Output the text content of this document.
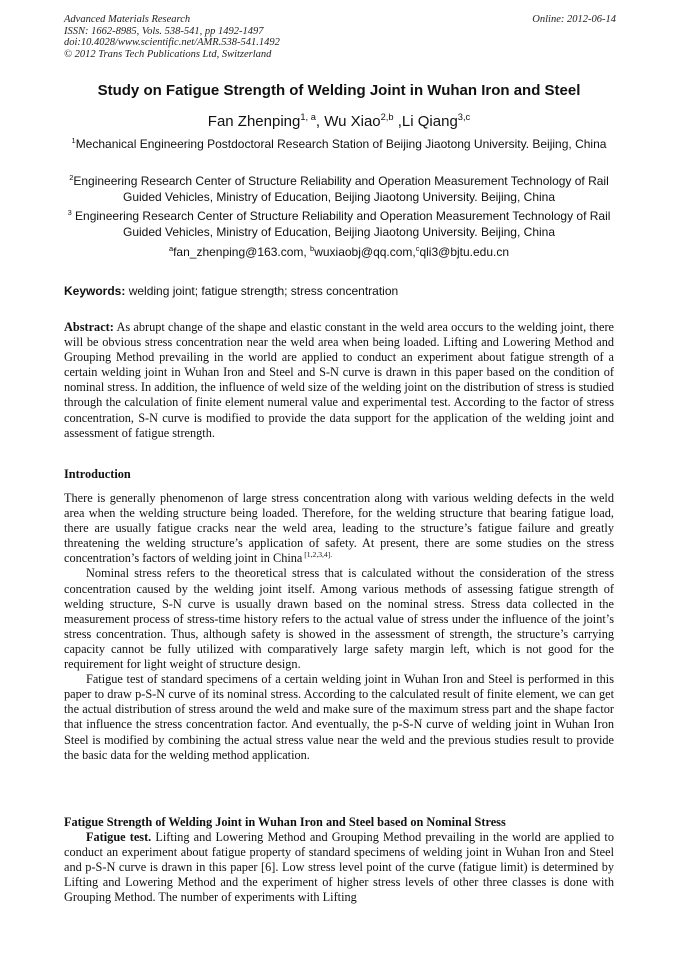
Advanced Materials Research
ISSN: 1662-8985, Vols. 538-541, pp 1492-1497
doi:10.4028/www.scientific.net/AMR.538-541.1492
© 2012 Trans Tech Publications Ltd, Switzerland
Online: 2012-06-14
Study on Fatigue Strength of Welding Joint in Wuhan Iron and Steel
Fan Zhenping$^{1, a}$, Wu Xiao$^{2,b}$ ,Li Qiang$^{3,c}$
$^1$Mechanical Engineering Postdoctoral Research Station of Beijing Jiaotong University. Beijing, China
$^2$Engineering Research Center of Structure Reliability and Operation Measurement Technology of Rail Guided Vehicles, Ministry of Education, Beijing Jiaotong University. Beijing, China
$^3$ Engineering Research Center of Structure Reliability and Operation Measurement Technology of Rail Guided Vehicles, Ministry of Education, Beijing Jiaotong University. Beijing, China
$^a$fan_zhenping@163.com, $^b$wuxiaobj@qq.com,$^c$qli3@bjtu.edu.cn
Keywords: welding joint; fatigue strength; stress concentration
Abstract: As abrupt change of the shape and elastic constant in the weld area occurs to the welding joint, there will be obvious stress concentration near the weld area when being loaded. Lifting and Lowering Method and Grouping Method prevailing in the world are applied to conduct an experiment about fatigue strength of a certain welding joint in Wuhan Iron and Steel and S-N curve is drawn in this paper based on the condition of nominal stress. In addition, the influence of weld size of the welding joint on the distribution of stress is studied through the calculation of finite element numeral value and experimental test. According to the factor of stress concentration, S-N curve is modified to provide the data support for the application of the welding joint and assessment of fatigue strength.
Introduction

There is generally phenomenon of large stress concentration along with various welding defects in the weld area when the welding structure being loaded. Therefore, for the welding structure that bearing fatigue load, there are usually fatigue cracks near the weld area, leading to the structure’s fatigue failure and greatly threatening the welding structure’s application of safety. At present, there are some studies on the stress concentration’s factors of welding joint in China $^{[1,2,3,4].}$

Nominal stress refers to the theoretical stress that is calculated without the consideration of the stress concentration caused by the welding joint itself. Among various methods of assessing fatigue strength of welding structure, S-N curve is usually drawn based on the nominal stress. Stress data collected in the measurement process of stress-time history refers to the actual value of stress under the influence of the joint’s stress concentration. Thus, although safety is showed in the assessment of strength, the structure’s carrying capacity cannot be fully utilized with comparatively large safety margin left, which is not good for the requirement for light weight of structure design.

Fatigue test of standard specimens of a certain welding joint in Wuhan Iron and Steel is performed in this paper to draw p-S-N curve of its nominal stress. According to the calculated result of finite element, we can get the actual distribution of stress around the weld and make sure of the maximum stress part and the shape factor that influence the stress concentration factor. And eventually, the p-S-N curve of welding joint in Wuhan Iron Steel is modified by combining the actual stress value near the weld and the previous studies result to provide the basic data for the welding method application.

Fatigue Strength of Welding Joint in Wuhan Iron and Steel based on Nominal Stress

Fatigue test. Lifting and Lowering Method and Grouping Method prevailing in the world are applied to conduct an experiment about fatigue property of standard specimens of welding joint in Wuhan Iron and Steel and p-S-N curve is drawn in this paper [6]. Low stress level point of the curve (fatigue limit) is determined by Lifting and Lowering Method and the experiment of higher stress levels of other three classes is done with Grouping Method. The number of experiments with Lifting
